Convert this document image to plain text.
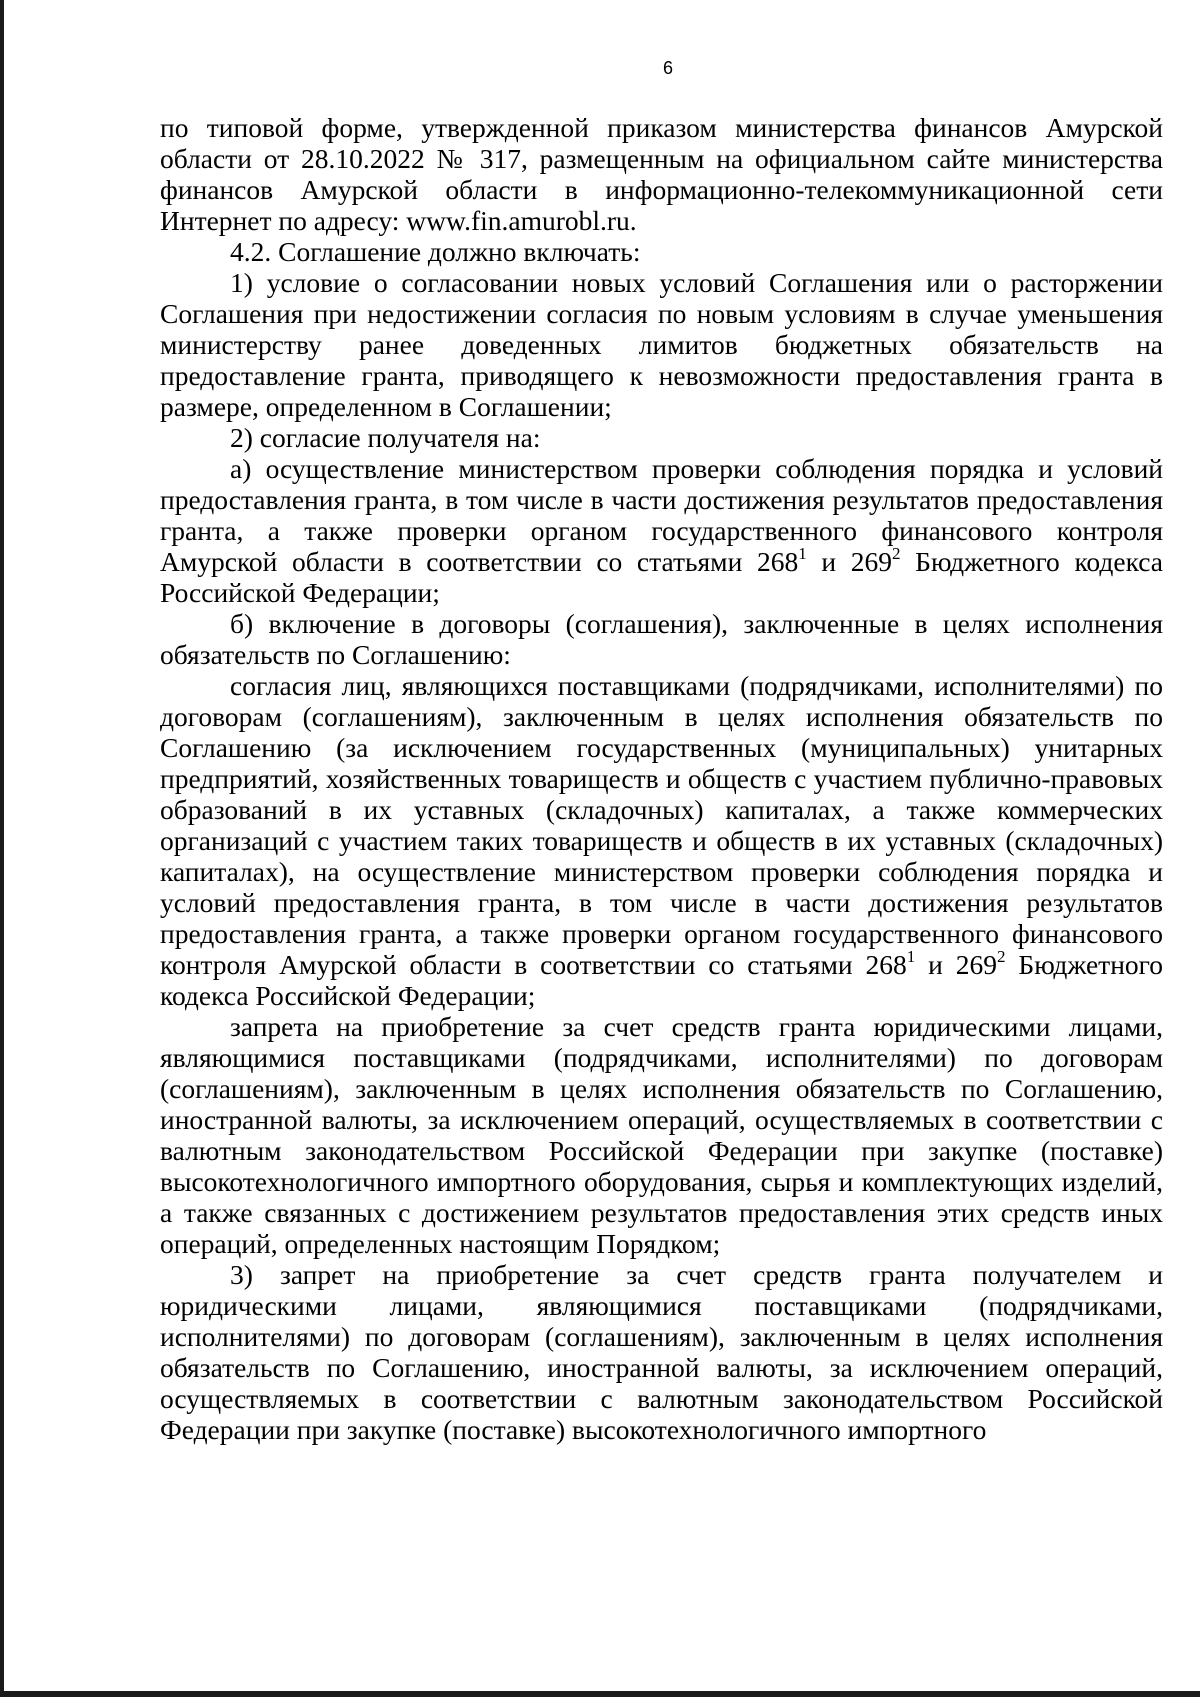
6

по типовой форме, утвержденной приказом министерства финансов Амурской области от 28.10.2022 № 317, размещенным на официальном сайте министерства финансов Амурской области в информационно-телекоммуникационной сети Интернет по адресу: www.fin.amurobl.ru.

4.2. Соглашение должно включать:

1) условие о согласовании новых условий Соглашения или о расторжении Соглашения при недостижении согласия по новым условиям в случае уменьшения министерству ранее доведенных лимитов бюджетных обязательств на предоставление гранта, приводящего к невозможности предоставления гранта в размере, определенном в Соглашении;

2) согласие получателя на:

а) осуществление министерством проверки соблюдения порядка и условий предоставления гранта, в том числе в части достижения результатов предоставления гранта, а также проверки органом государственного финансового контроля Амурской области в соответствии со статьями $268^1$ и $269^2$ Бюджетного кодекса Российской Федерации;

б) включение в договоры (соглашения), заключенные в целях исполнения обязательств по Соглашению:

согласия лиц, являющихся поставщиками (подрядчиками, исполнителями) по договорам (соглашениям), заключенным в целях исполнения обязательств по Соглашению (за исключением государственных (муниципальных) унитарных предприятий, хозяйственных товариществ и обществ с участием публично-правовых образований в их уставных (складочных) капиталах, а также коммерческих организаций с участием таких товариществ и обществ в их уставных (складочных) капиталах), на осуществление министерством проверки соблюдения порядка и условий предоставления гранта, в том числе в части достижения результатов предоставления гранта, а также проверки органом государственного финансового контроля Амурской области в соответствии со статьями $268^1$ и $269^2$ Бюджетного кодекса Российской Федерации;

запрета на приобретение за счет средств гранта юридическими лицами, являющимися поставщиками (подрядчиками, исполнителями) по договорам (соглашениям), заключенным в целях исполнения обязательств по Соглашению, иностранной валюты, за исключением операций, осуществляемых в соответствии с валютным законодательством Российской Федерации при закупке (поставке) высокотехнологичного импортного оборудования, сырья и комплектующих изделий, а также связанных с достижением результатов предоставления этих средств иных операций, определенных настоящим Порядком;

3) запрет на приобретение за счет средств гранта получателем и юридическими лицами, являющимися поставщиками (подрядчиками, исполнителями) по договорам (соглашениям), заключенным в целях исполнения обязательств по Соглашению, иностранной валюты, за исключением операций, осуществляемых в соответствии с валютным законодательством Российской Федерации при закупке (поставке) высокотехнологичного импортного
